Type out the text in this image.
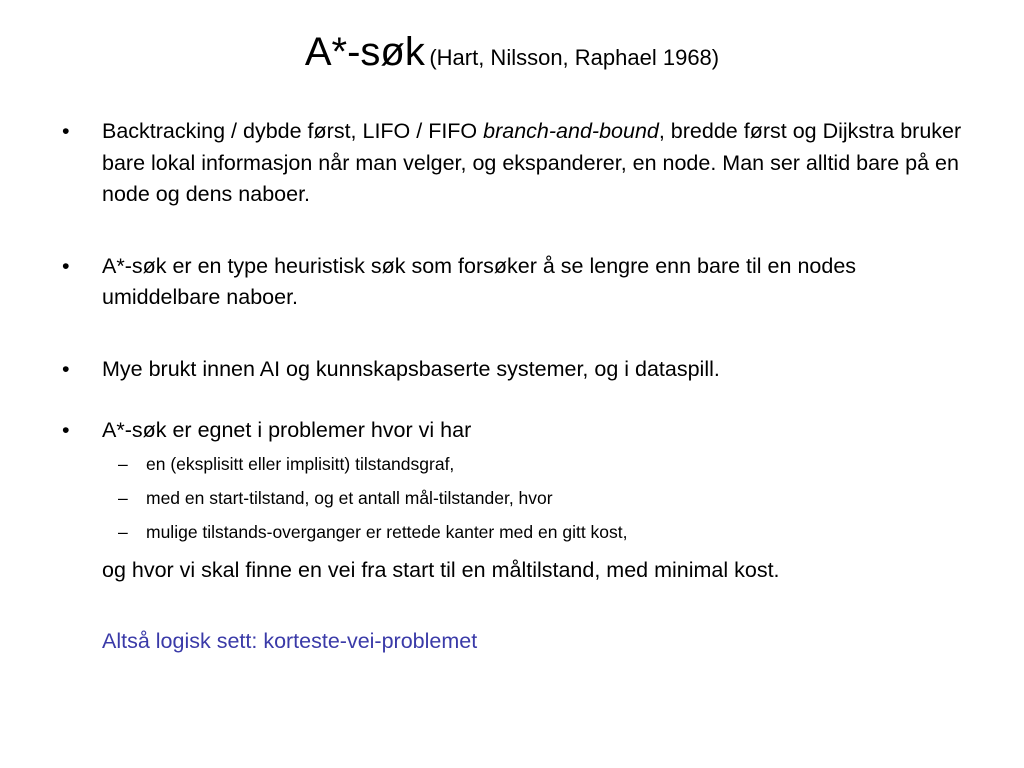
A*-søk (Hart, Nilsson, Raphael 1968)
• Backtracking / dybde først, LIFO / FIFO branch-and-bound, bredde først og Dijkstra bruker bare lokal informasjon når man velger, og ekspanderer, en node. Man ser alltid bare på en node og dens naboer.
• A*-søk er en type heuristisk søk som forsøker å se lengre enn bare til en nodes umiddelbare naboer.
• Mye brukt innen AI og kunnskapsbaserte systemer, og i dataspill.
• A*-søk er egnet i problemer hvor vi har
– en (eksplisitt eller implisitt) tilstandsgraf,
– med en start-tilstand, og et antall mål-tilstander, hvor
– mulige tilstands-overganger er rettede kanter med en gitt kost,
og hvor vi skal finne en vei fra start til en måltilstand, med minimal kost.
Altså logisk sett: korteste-vei-problemet
